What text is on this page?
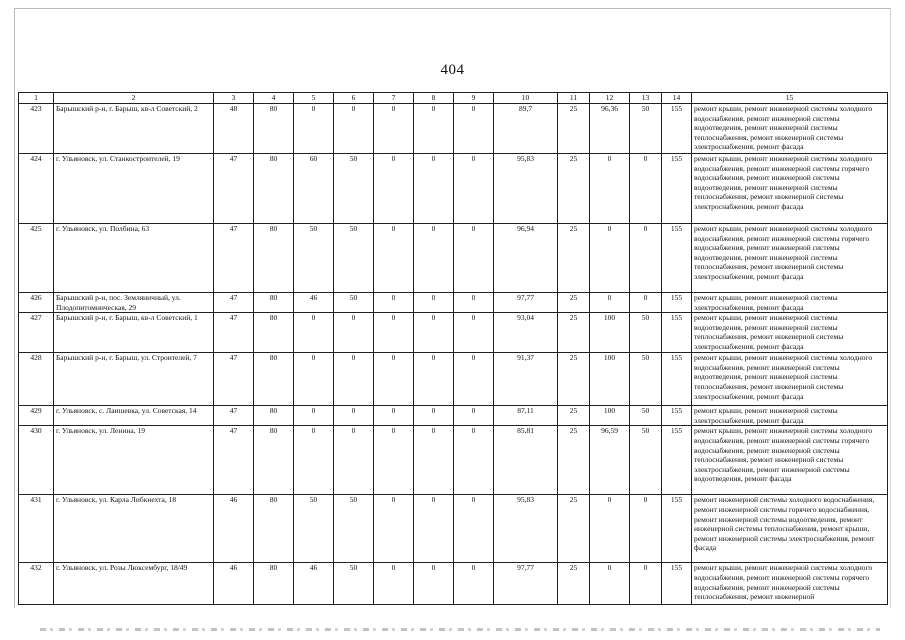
404
1	2	3	4	5	6	7	8	9	10	11	12	13	14	15
423	Барышский р-н, г. Барыш, кв-л Советский, 2	48	80	0	0	0	0	0	89,7	25	96,36	50	155	ремонт крыши, ремонт инженерной системы холодного водоснабжения, ремонт инженерной системы водоотведения, ремонт инженерной системы теплоснабжения, ремонт инженерной системы электроснабжения, ремонт фасада
424	г. Ульяновск, ул. Станкостроителей, 19	47	80	60	50	0	0	0	95,83	25	0	0	155	ремонт крыши, ремонт инженерной системы холодного водоснабжения, ремонт инженерной системы горячего водоснабжения, ремонт инженерной системы водоотведения, ремонт инженерной системы теплоснабжения, ремонт инженерной системы электроснабжения, ремонт фасада
425	г. Ульяновск, ул. Полбина, 63	47	80	50	50	0	0	0	96,94	25	0	0	155	ремонт крыши, ремонт инженерной системы холодного водоснабжения, ремонт инженерной системы горячего водоснабжения, ремонт инженерной системы водоотведения, ремонт инженерной системы теплоснабжения, ремонт инженерной системы электроснабжения, ремонт фасада
426	Барышский р-н, пос. Земляничный, ул. Плодопитомническая, 29	47	80	46	50	0	0	0	97,77	25	0	0	155	ремонт крыши, ремонт инженерной системы электроснабжения, ремонт фасада
427	Барышский р-н, г. Барыш, кв-л Советский, 1	47	80	0	0	0	0	0	93,04	25	100	50	155	ремонт крыши, ремонт инженерной системы водоотведения, ремонт инженерной системы теплоснабжения, ремонт инженерной системы электроснабжения, ремонт фасада
428	Барышский р-н, г. Барыш, ул. Строителей, 7	47	80	0	0	0	0	0	91,37	25	100	50	155	ремонт крыши, ремонт инженерной системы холодного водоснабжения, ремонт инженерной системы водоотведения, ремонт инженерной системы теплоснабжения, ремонт инженерной системы электроснабжения, ремонт фасада
429	г. Ульяновск, с. Лаишевка, ул. Советская, 14	47	80	0	0	0	0	0	87,11	25	100	50	155	ремонт крыши, ремонт инженерной системы электроснабжения, ремонт фасада
430	г. Ульяновск, ул. Ленина, 19	47	80	0	0	0	0	0	85,81	25	96,59	50	155	ремонт крыши, ремонт инженерной системы холодного водоснабжения, ремонт инженерной системы горячего водоснабжения, ремонт инженерной системы теплоснабжения, ремонт инженерной системы электроснабжения, ремонт инженерной системы водоотведения, ремонт фасада
431	г. Ульяновск, ул. Карла Либкнехта, 18	46	80	50	50	0	0	0	95,83	25	0	0	155	ремонт инженерной системы холодного водоснабжения, ремонт инженерной системы горячего водоснабжения, ремонт инженерной системы водоотведения, ремонт инженерной системы теплоснабжения, ремонт крыши, ремонт инженерной системы электроснабжения, ремонт фасада
432	г. Ульяновск, ул. Розы Люксембург, 18/49	46	80	46	50	0	0	0	97,77	25	0	0	155	ремонт крыши, ремонт инженерной системы холодного водоснабжения, ремонт инженерной системы горячего водоснабжения, ремонт инженерной системы теплоснабжения, ремонт инженерной
